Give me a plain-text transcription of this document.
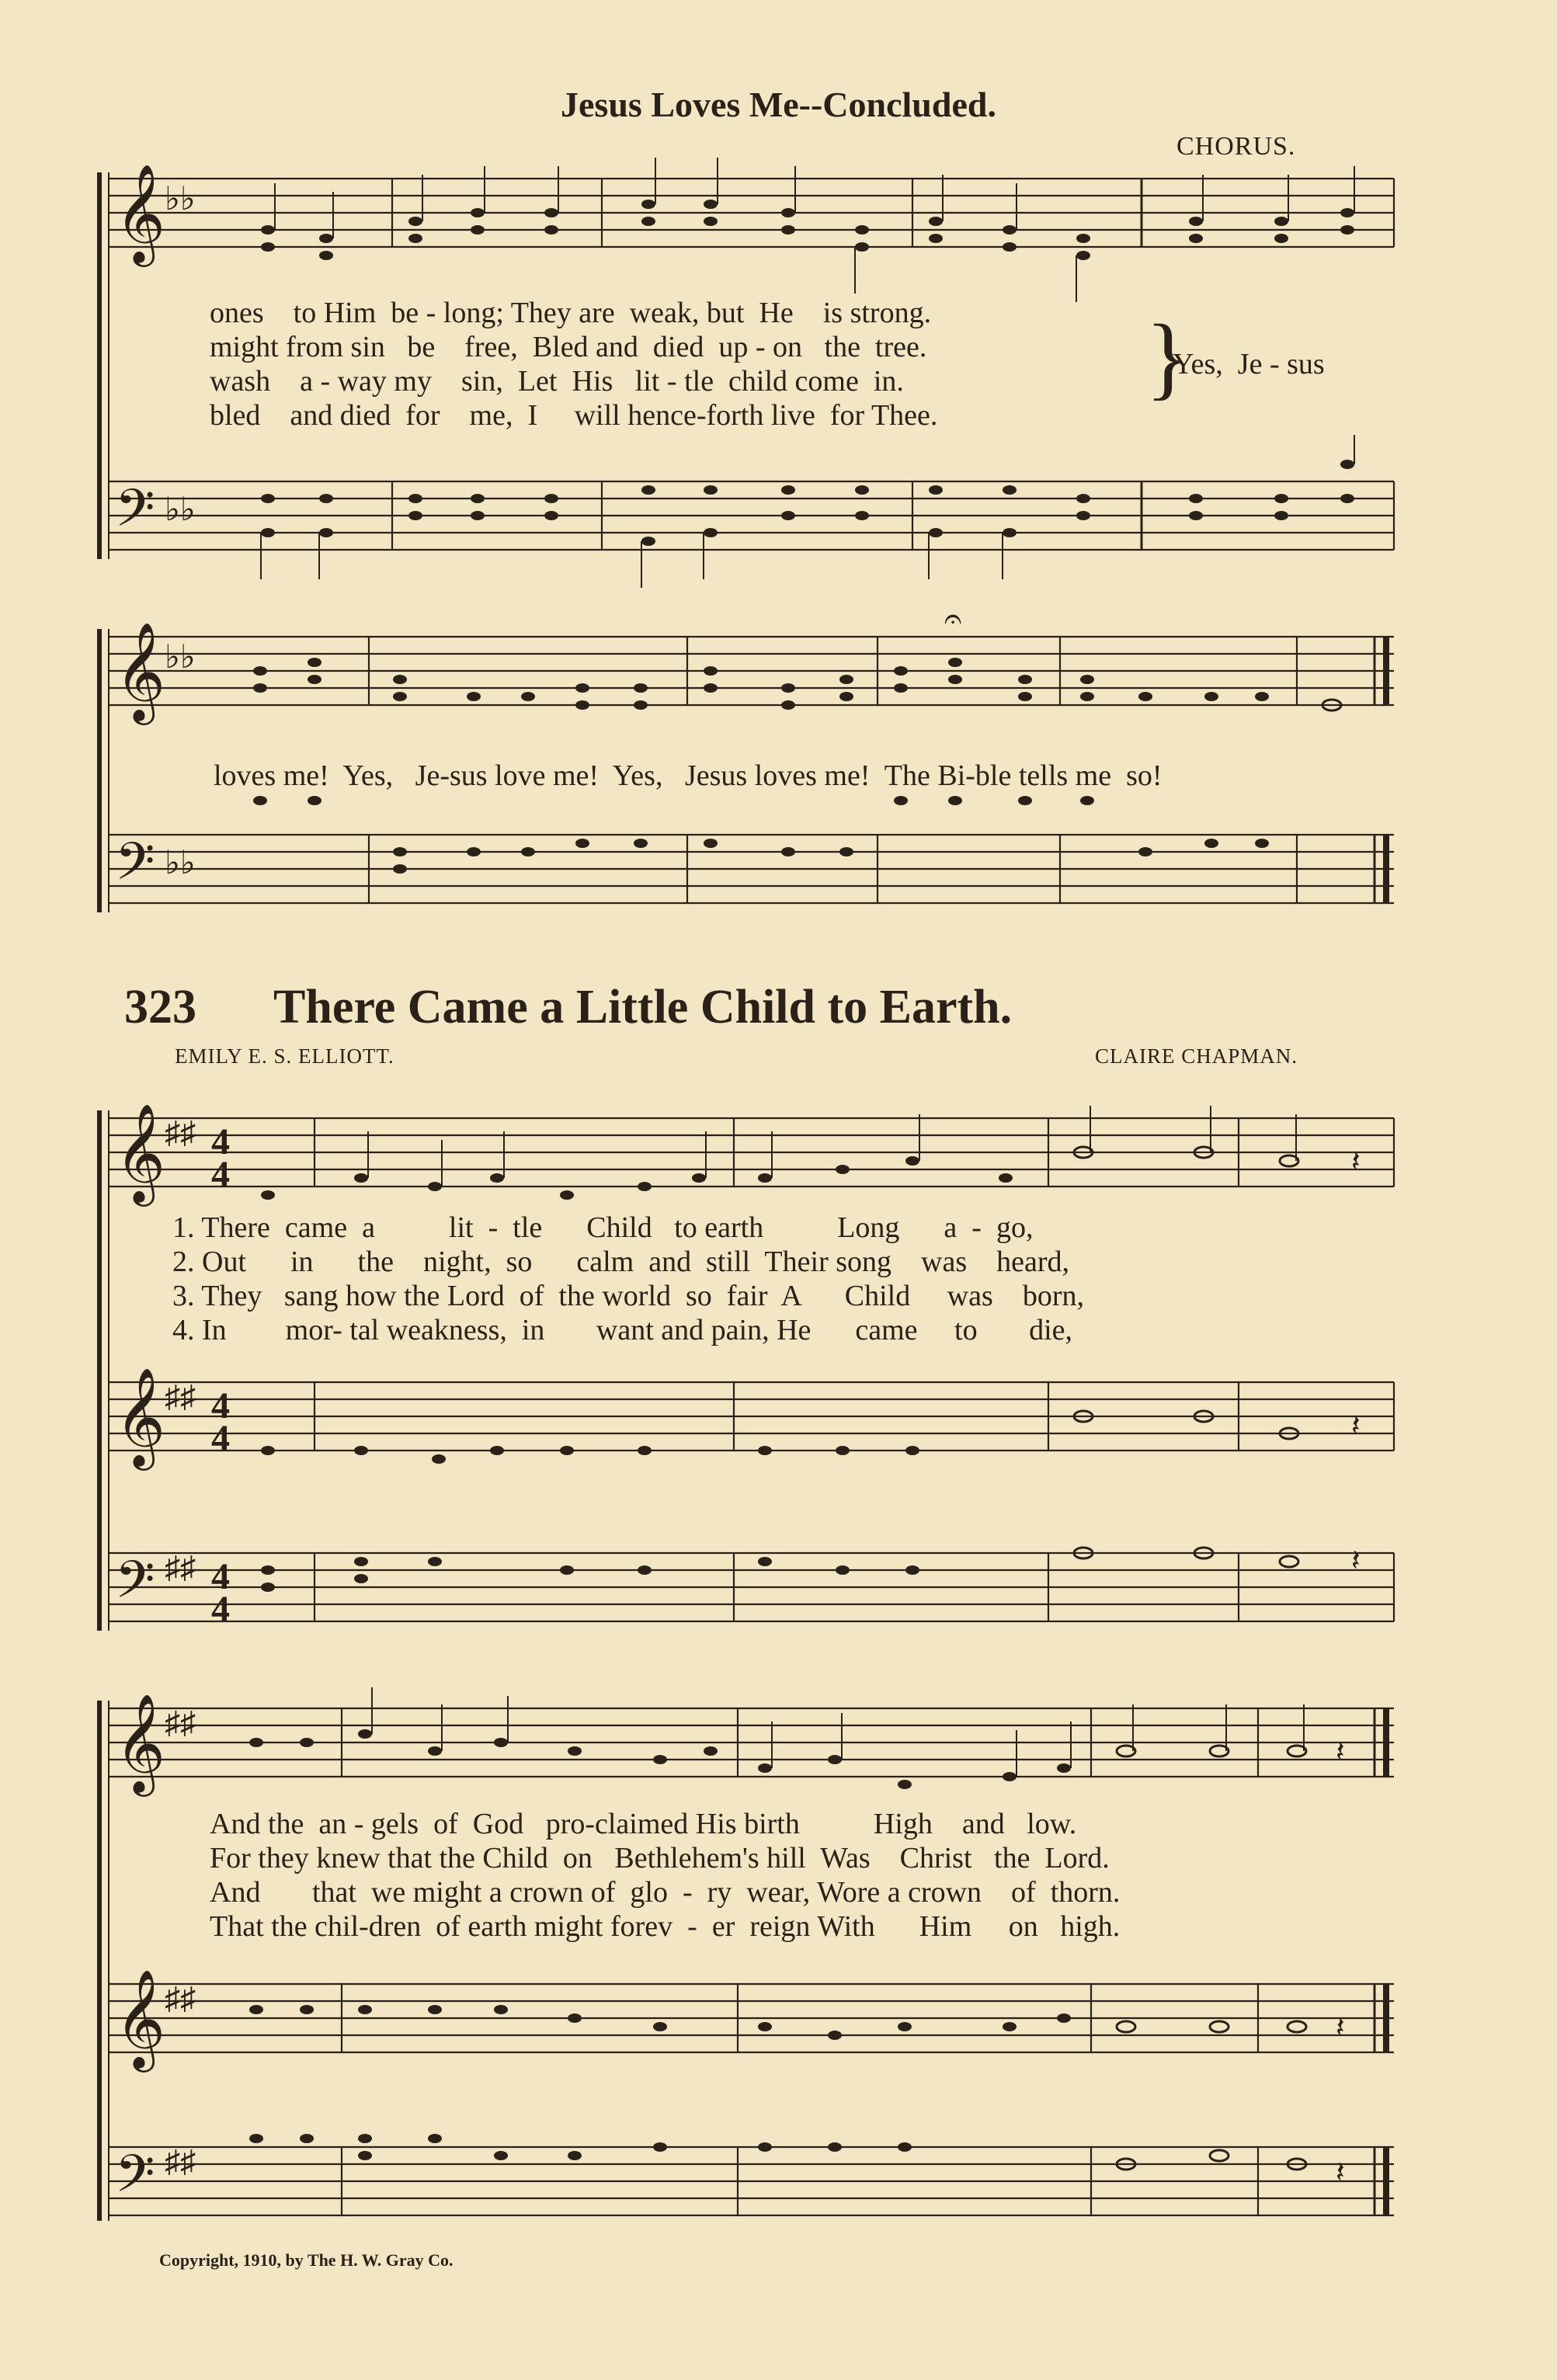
Jesus Loves Me--Concluded.
CHORUS.
𝄞
𝄢
♭♭
♭♭
ones    to Him  be - long; They are  weak, but  He    is strong.
might from sin   be    free,  Bled and  died  up - on   the  tree.
wash    a - way my    sin,  Let  His   lit - tle  child come  in.
bled    and died  for    me,  I     will hence-forth live  for Thee.
}
Yes,  Je - sus
𝄞
𝄢
♭♭
♭♭
𝄐
loves me!  Yes,   Je-sus love me!  Yes,   Jesus loves me!  The Bi-ble tells me  so!
323 There Came a Little Child to Earth.
EMILY E. S. ELLIOTT.	CLAIRE CHAPMAN.
𝄞
𝄞
𝄢
♯♯
♯♯
♯♯
4
4
4
4
4
4
𝄽
𝄽
𝄽
1. There  came  a          lit  -  tle      Child   to earth          Long      a  -  go,
2. Out      in      the    night,  so      calm  and  still  Their song    was    heard,
3. They   sang how the Lord  of  the world  so  fair  A      Child     was    born,
4. In        mor- tal weakness,  in       want and pain, He      came     to       die,
𝄞
𝄞
𝄢
♯♯
♯♯
♯♯
𝄽
𝄽
𝄽
And the  an - gels  of  God   pro-claimed His birth          High    and   low.
For they knew that the Child  on   Bethlehem's hill  Was    Christ   the  Lord.
And       that  we might a crown of  glo  -  ry  wear, Wore a crown    of  thorn.
That the chil-dren  of earth might forev  -  er  reign With      Him     on   high.
Copyright, 1910, by The H. W. Gray Co.
